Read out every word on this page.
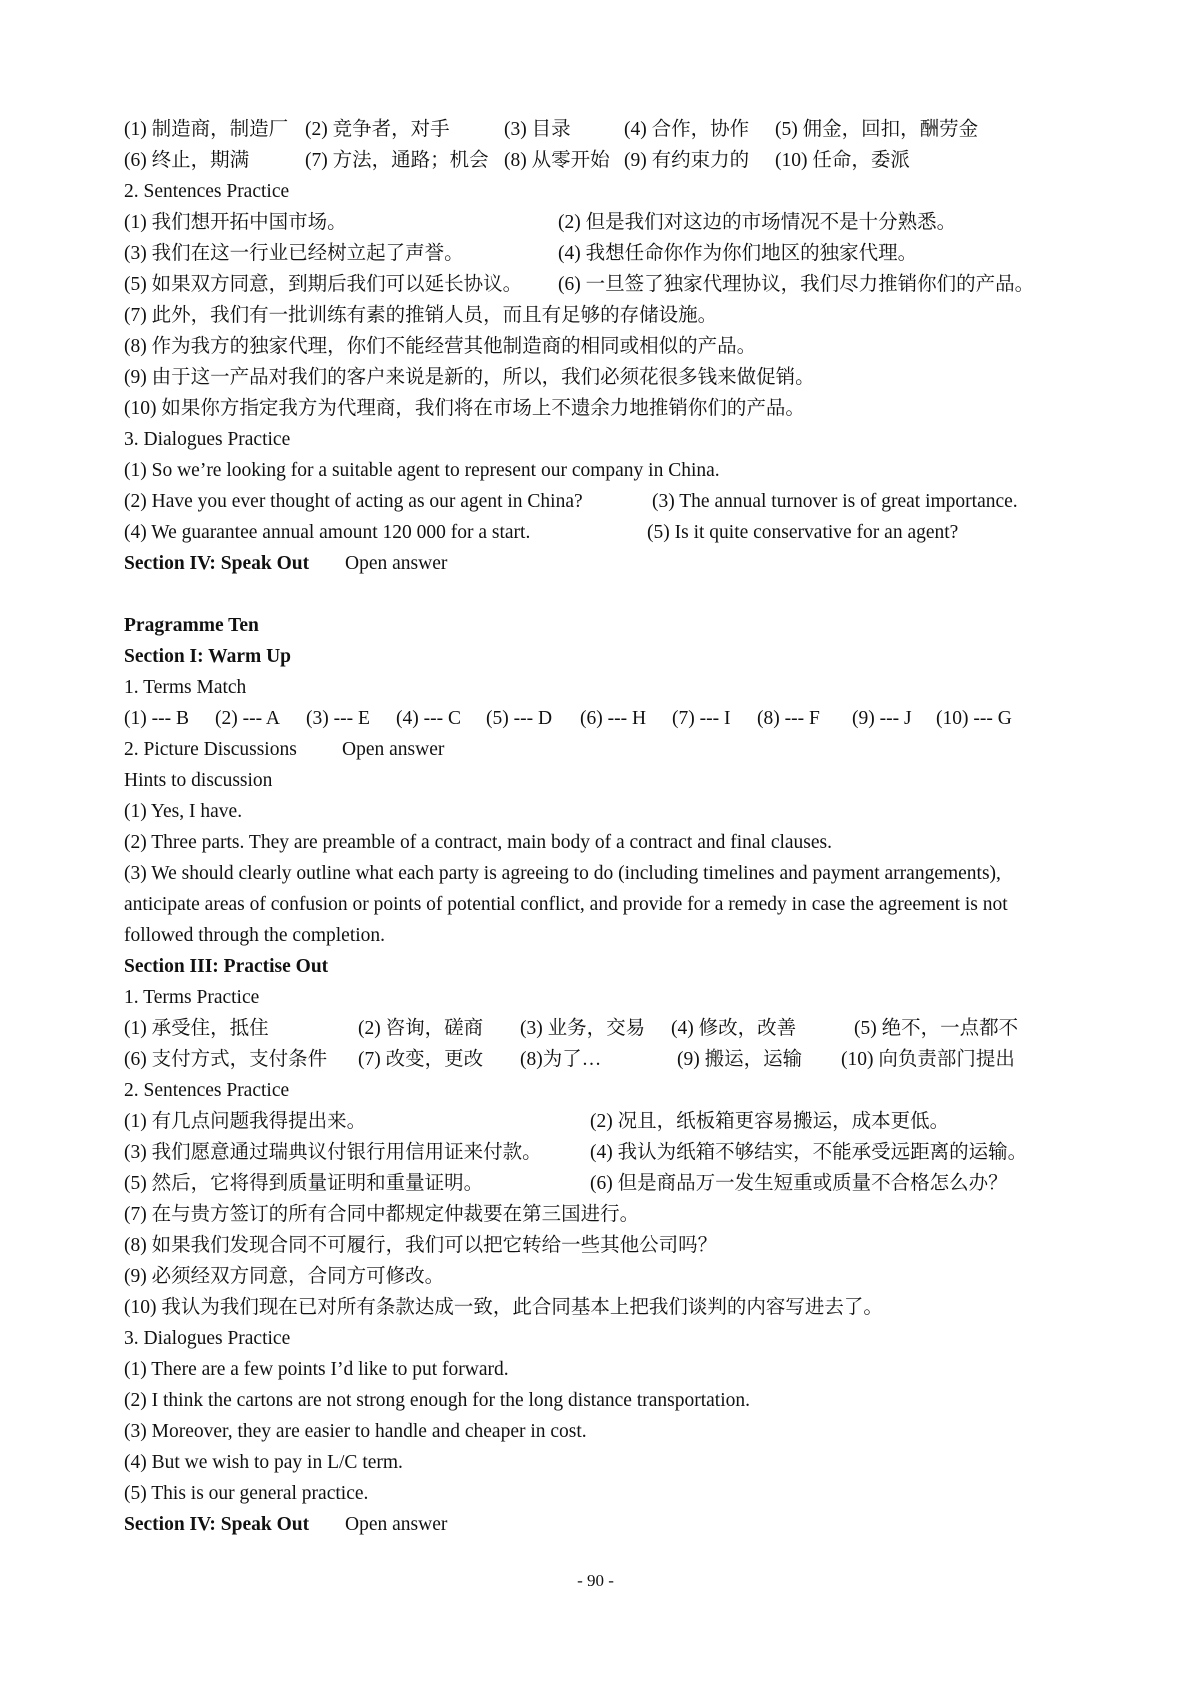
(1) 制造商，制造厂 (2) 竞争者，对手	(3) 目录	(4) 合作，协作 (5) 佣金，回扣，酬劳金
(6) 终止，期满	(7) 方法，通路；机会 (8) 从零开始 (9) 有约束力的 (10) 任命，委派
2. Sentences Practice
(1) 我们想开拓中国市场。	(2) 但是我们对这边的市场情况不是十分熟悉。
(3) 我们在这一行业已经树立起了声誉。	(4) 我想任命你作为你们地区的独家代理。
(5) 如果双方同意，到期后我们可以延长协议。 (6) 一旦签了独家代理协议，我们尽力推销你们的产品。
(7) 此外，我们有一批训练有素的推销人员，而且有足够的存储设施。
(8) 作为我方的独家代理，你们不能经营其他制造商的相同或相似的产品。
(9) 由于这一产品对我们的客户来说是新的，所以，我们必须花很多钱来做促销。
(10) 如果你方指定我方为代理商，我们将在市场上不遗余力地推销你们的产品。
3. Dialogues Practice
(1) So we’re looking for a suitable agent to represent our company in China.
(2) Have you ever thought of acting as our agent in China?	(3) The annual turnover is of great importance.
(4) We guarantee annual amount 120 000 for a start.	(5) Is it quite conservative for an agent?
Section IV: Speak Out Open answer
Pragramme Ten
Section I: Warm Up
1. Terms Match
(1) --- B (2) --- A (3) --- E (4) --- C (5) --- D (6) --- H (7) --- I (8) --- F (9) --- J (10) --- G
2. Picture Discussions Open answer
Hints to discussion
(1) Yes, I have.
(2) Three parts. They are preamble of a contract, main body of a contract and final clauses.
(3) We should clearly outline what each party is agreeing to do (including timelines and payment arrangements),
anticipate areas of confusion or points of potential conflict, and provide for a remedy in case the agreement is not
followed through the completion.
Section III: Practise Out
1. Terms Practice
(1) 承受住，抵住	(2) 咨询，磋商 (3) 业务，交易 (4) 修改，改善	(5) 绝不，一点都不
(6) 支付方式，支付条件 (7) 改变，更改 (8)为了…	(9) 搬运，运输 (10) 向负责部门提出
2. Sentences Practice
(1) 有几点问题我得提出来。	(2) 况且，纸板箱更容易搬运，成本更低。
(3) 我们愿意通过瑞典议付银行用信用证来付款。 (4) 我认为纸箱不够结实，不能承受远距离的运输。
(5) 然后，它将得到质量证明和重量证明。	(6) 但是商品万一发生短重或质量不合格怎么办？
(7) 在与贵方签订的所有合同中都规定仲裁要在第三国进行。
(8) 如果我们发现合同不可履行，我们可以把它转给一些其他公司吗？
(9) 必须经双方同意，合同方可修改。
(10) 我认为我们现在已对所有条款达成一致，此合同基本上把我们谈判的内容写进去了。
3. Dialogues Practice
(1) There are a few points I’d like to put forward.
(2) I think the cartons are not strong enough for the long distance transportation.
(3) Moreover, they are easier to handle and cheaper in cost.
(4) But we wish to pay in L/C term.
(5) This is our general practice.
Section IV: Speak Out Open answer
- 90 -
